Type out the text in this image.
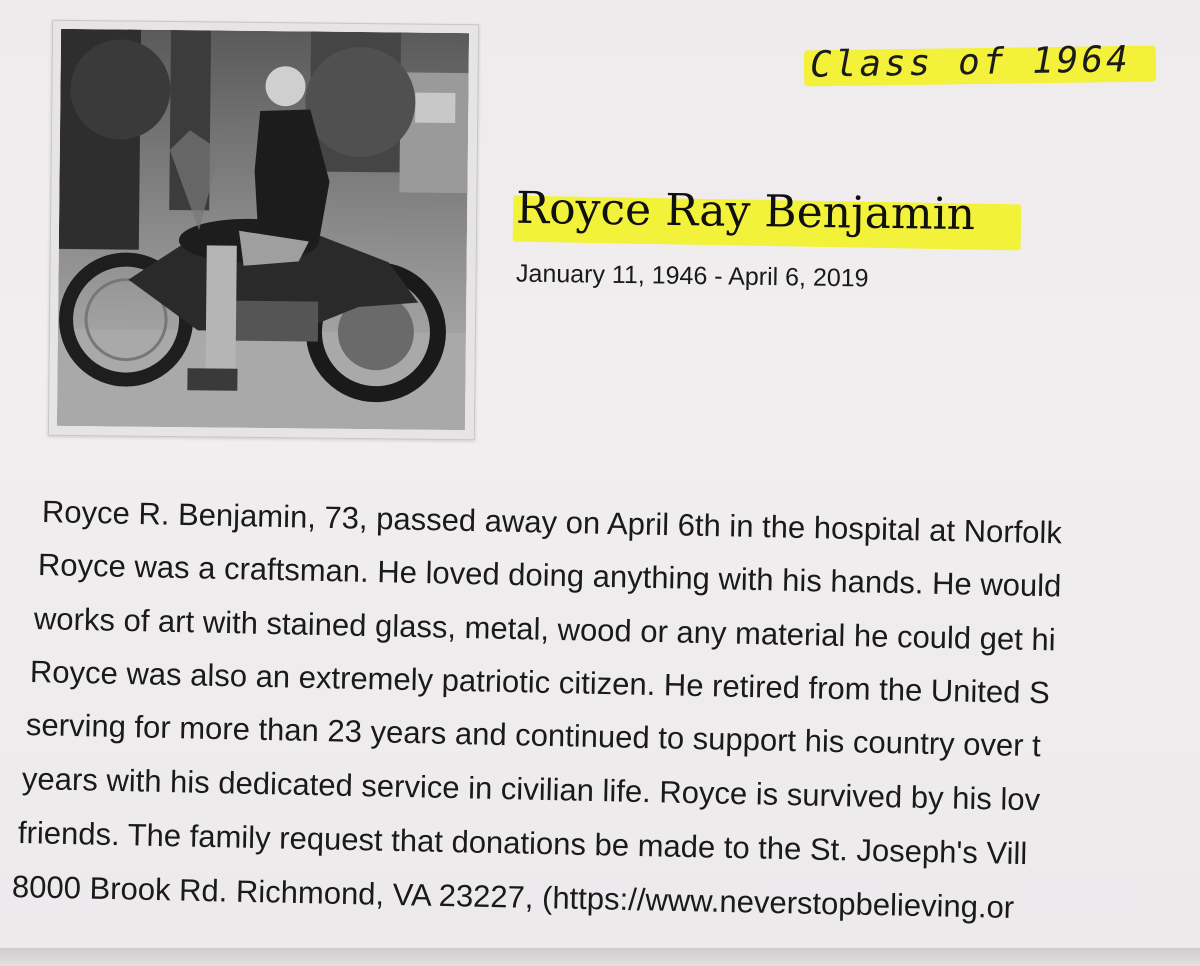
Class of 1964
Royce Ray Benjamin
January 11, 1946 - April 6, 2019
Royce R. Benjamin, 73, passed away on April 6th in the hospital at Norfolk
Royce was a craftsman. He loved doing anything with his hands. He would
works of art with stained glass, metal, wood or any material he could get hi
Royce was also an extremely patriotic citizen. He retired from the United S
serving for more than 23 years and continued to support his country over t
years with his dedicated service in civilian life. Royce is survived by his lov
friends. The family request that donations be made to the St. Joseph's Vill
8000 Brook Rd. Richmond, VA 23227, (https://www.neverstopbelieving.or
